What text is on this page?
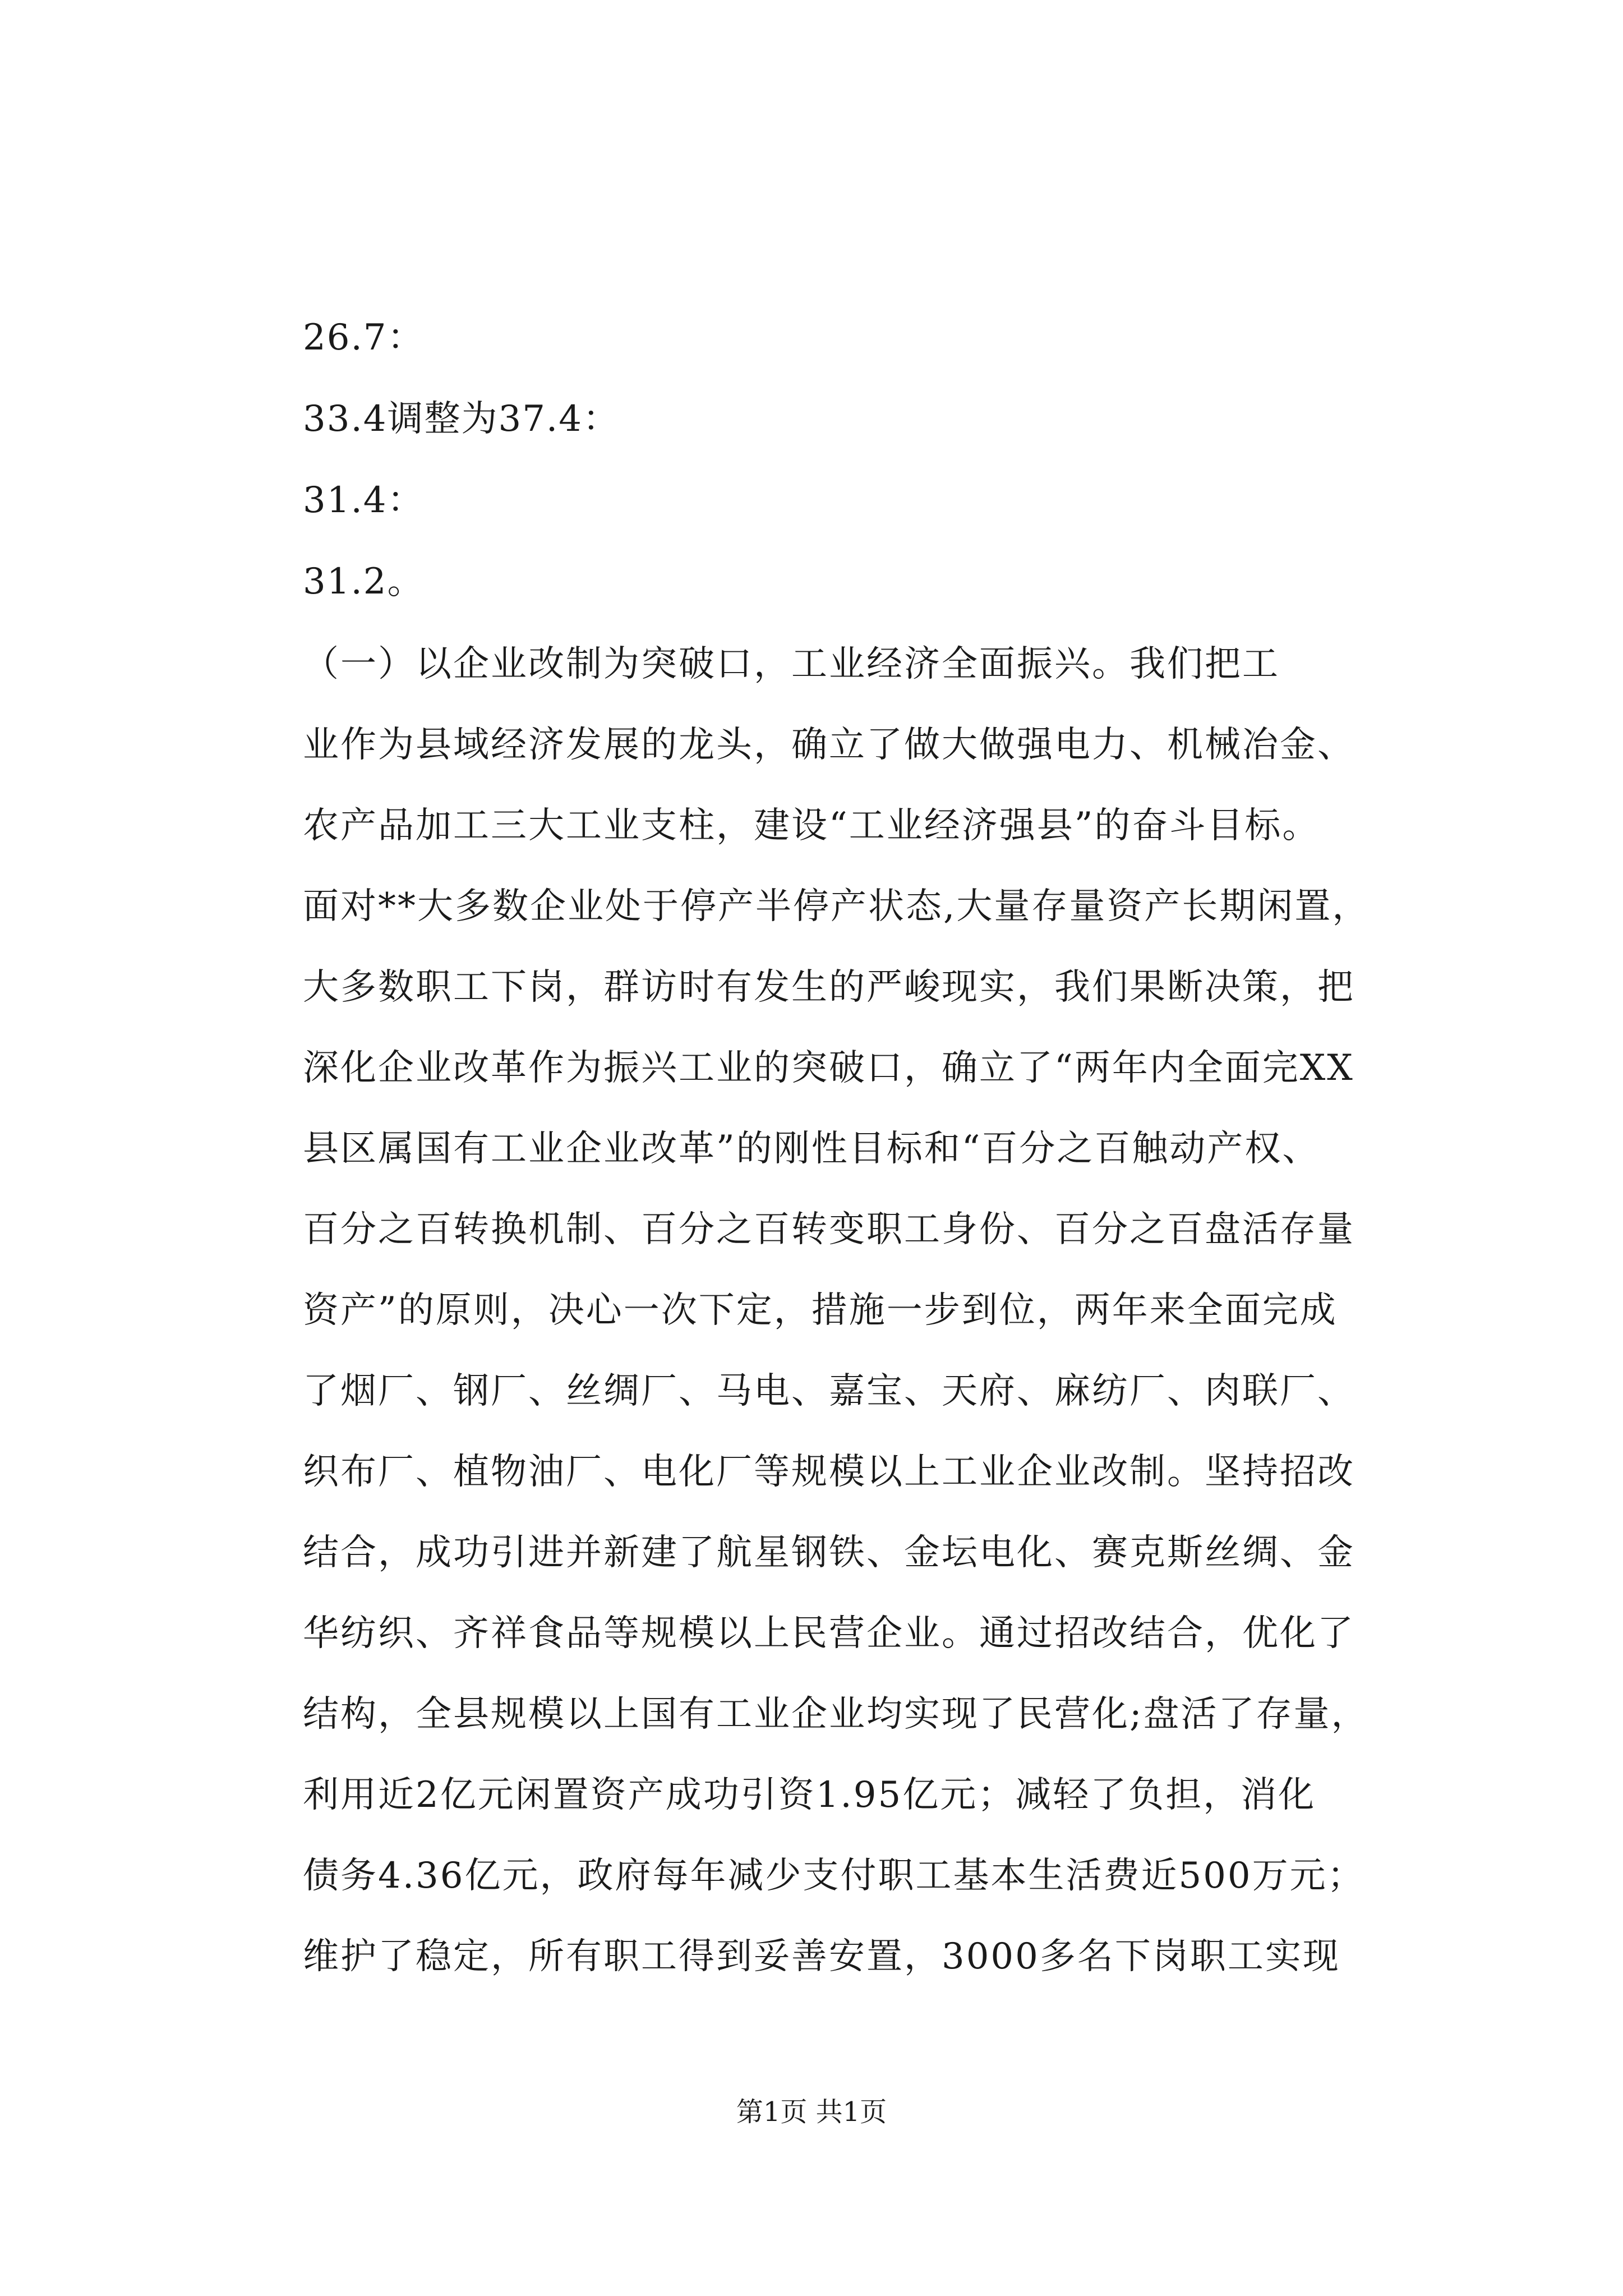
26.7：
33.4调整为37.4：
31.4：
31.2。
（一）以企业改制为突破口，工业经济全面振兴。我们把工
业作为县域经济发展的龙头，确立了做大做强电力、机械冶金、
农产品加工三大工业支柱，建设“工业经济强县”的奋斗目标。
面对**大多数企业处于停产半停产状态,大量存量资产长期闲置，
大多数职工下岗，群访时有发生的严峻现实，我们果断决策，把
深化企业改革作为振兴工业的突破口，确立了“两年内全面完XX
县区属国有工业企业改革”的刚性目标和“百分之百触动产权、
百分之百转换机制、百分之百转变职工身份、百分之百盘活存量
资产”的原则，决心一次下定，措施一步到位，两年来全面完成
了烟厂、钢厂、丝绸厂、马电、嘉宝、天府、麻纺厂、肉联厂、
织布厂、植物油厂、电化厂等规模以上工业企业改制。坚持招改
结合，成功引进并新建了航星钢铁、金坛电化、赛克斯丝绸、金
华纺织、齐祥食品等规模以上民营企业。通过招改结合，优化了
结构，全县规模以上国有工业企业均实现了民营化;盘活了存量，
利用近2亿元闲置资产成功引资1.95亿元；减轻了负担，消化
债务4.36亿元，政府每年减少支付职工基本生活费近500万元；
维护了稳定，所有职工得到妥善安置，3000多名下岗职工实现
第1页 共1页
